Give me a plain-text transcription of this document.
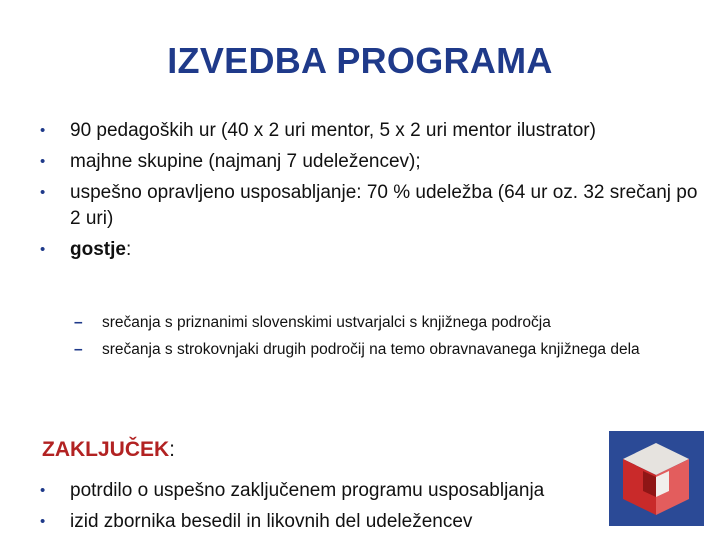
IZVEDBA PROGRAMA
• 90 pedagoških ur (40 x 2 uri mentor, 5 x 2 uri mentor ilustrator)
• majhne skupine (najmanj 7 udeležencev);
• uspešno opravljeno usposabljanje: 70 % udeležba (64 ur oz. 32 srečanj po 2 uri)
• gostje:
– srečanja s priznanimi slovenskimi ustvarjalci s knjižnega področja
– srečanja s strokovnjaki drugih področij na temo obravnavanega knjižnega dela
ZAKLJUČEK:
• potrdilo o uspešno zaključenem programu usposabljanja
• izid zbornika besedil in likovnih del udeležencev
